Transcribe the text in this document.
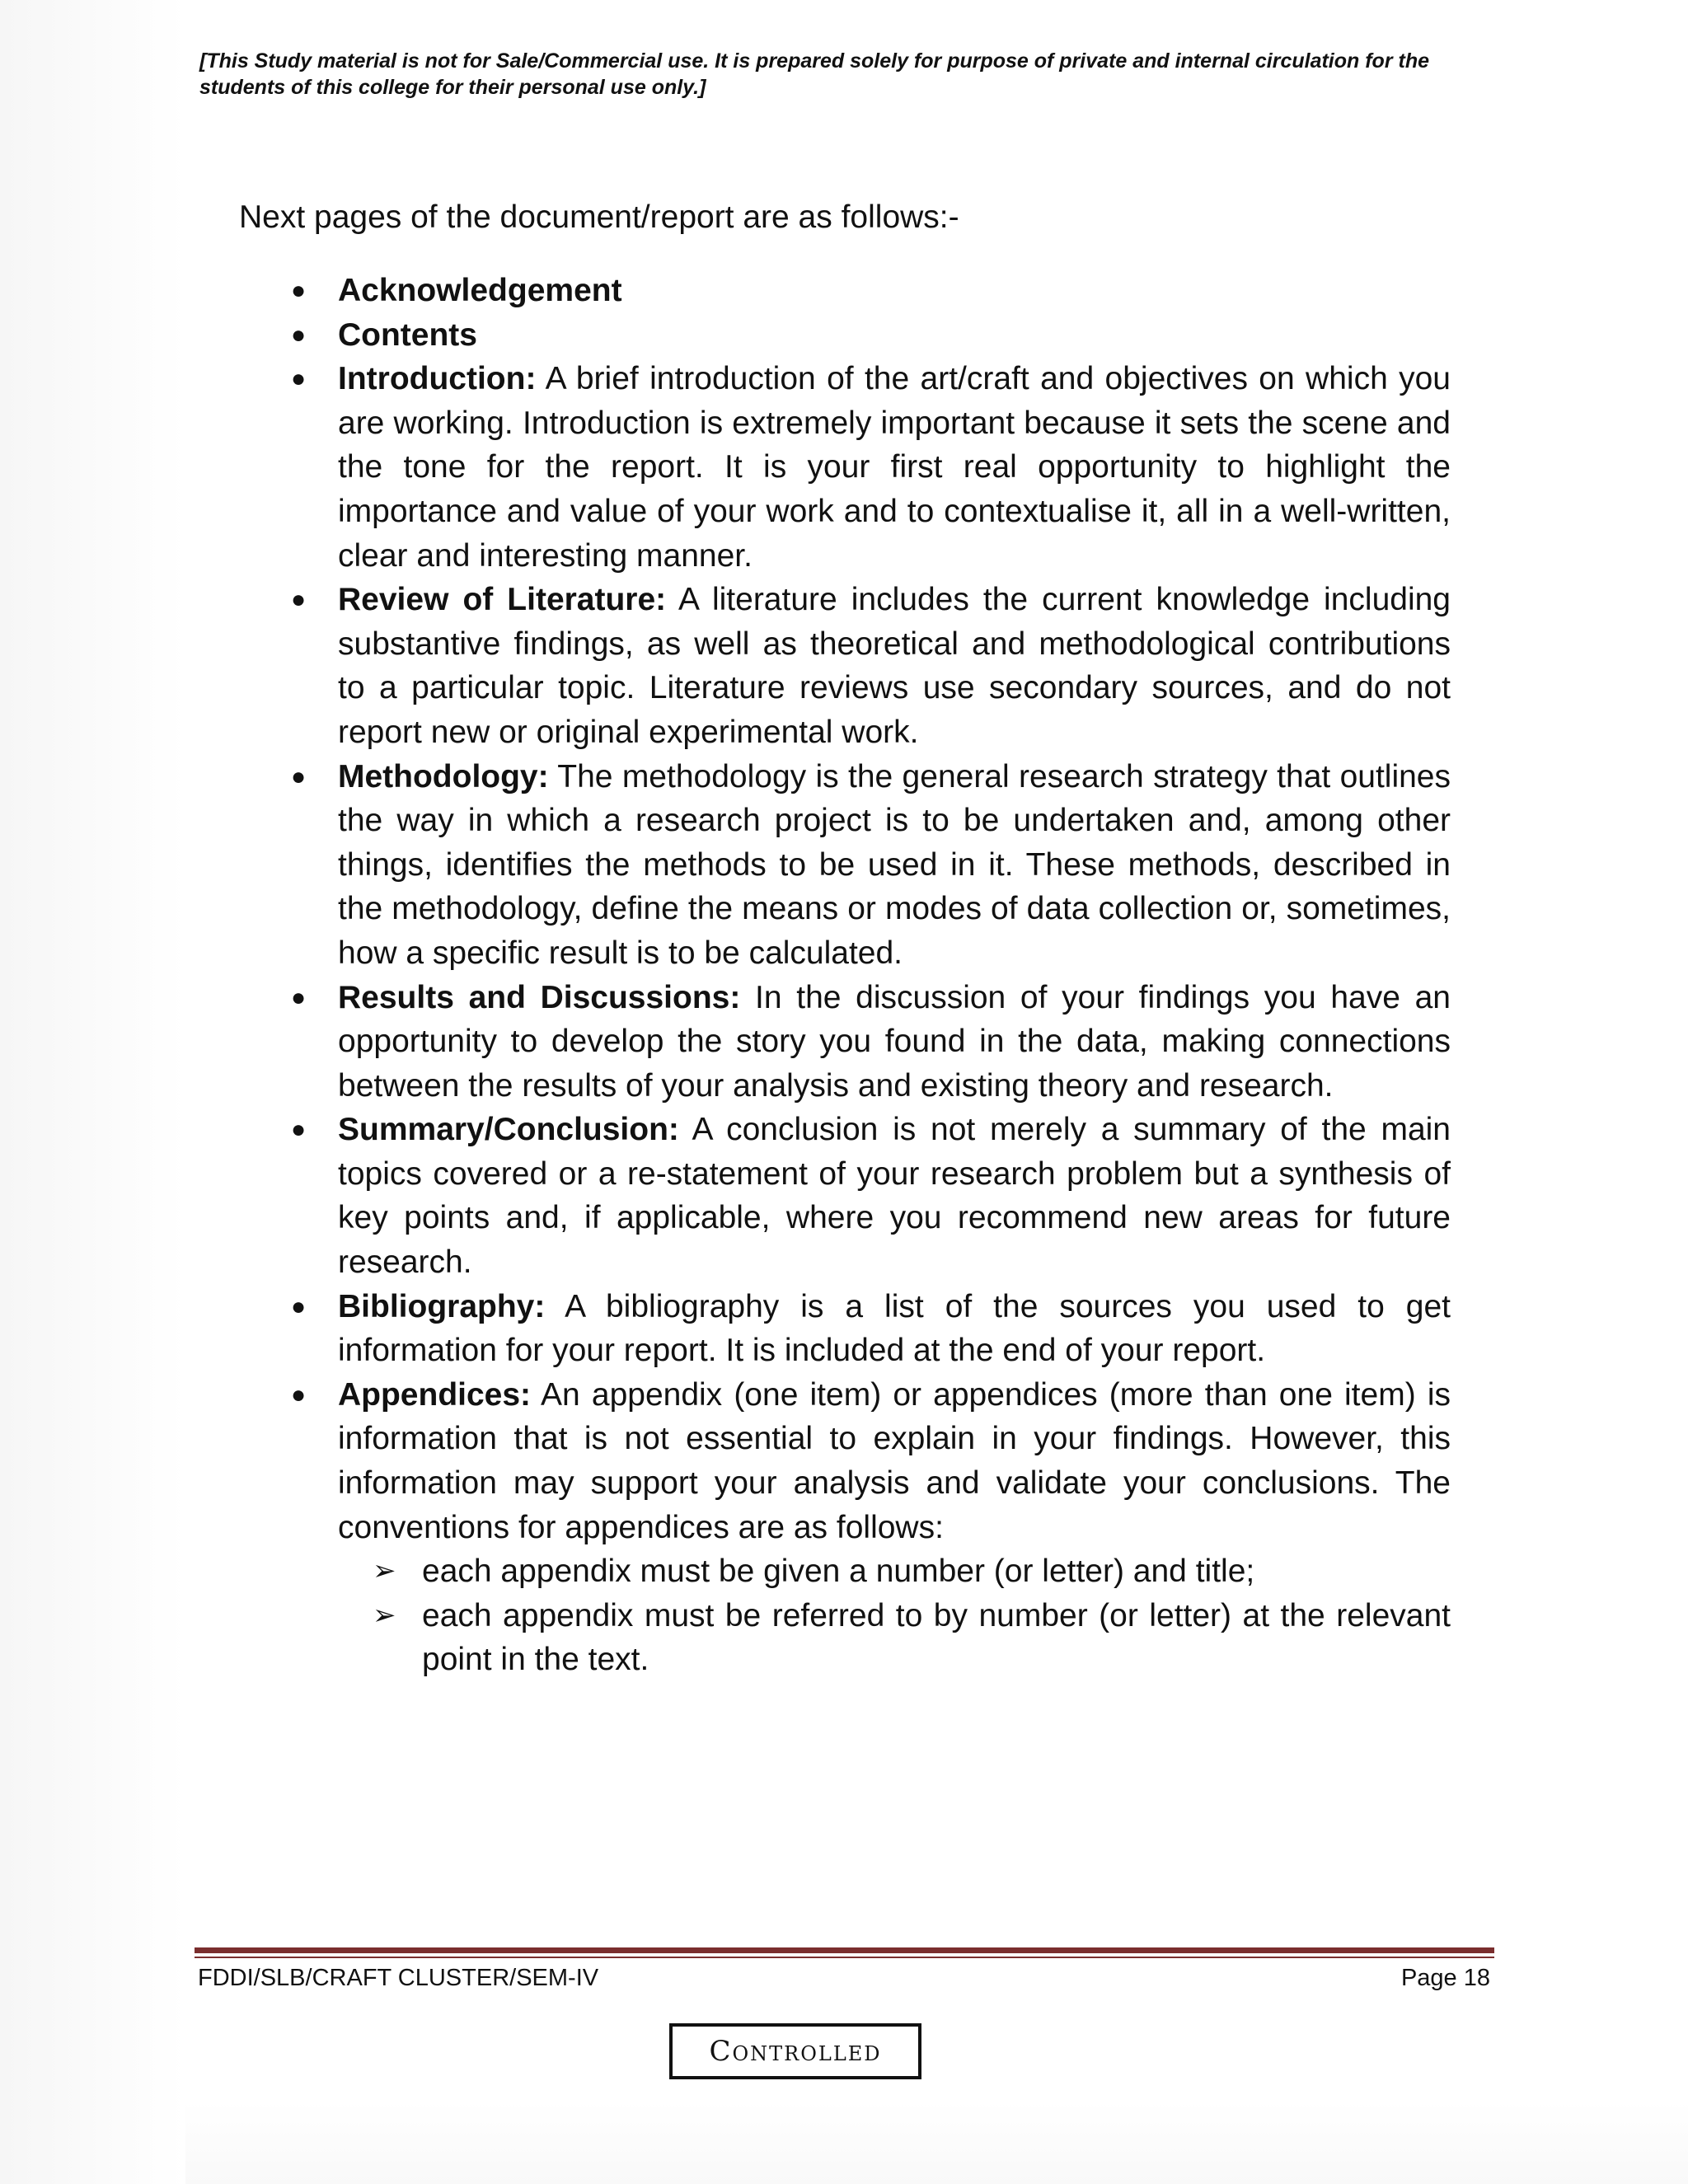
[This Study material is not for Sale/Commercial use. It is prepared solely for purpose of private and internal circulation for the students of this college for their personal use only.]
Next pages of the document/report are as follows:-
● Acknowledgement
● Contents
● Introduction: A brief introduction of the art/craft and objectives on which you are working. Introduction is extremely important because it sets the scene and the tone for the report. It is your first real opportunity to highlight the importance and value of your work and to contextualise it, all in a well-written, clear and interesting manner.
● Review of Literature: A literature includes the current knowledge including substantive findings, as well as theoretical and methodological contributions to a particular topic. Literature reviews use secondary sources, and do not report new or original experimental work.
● Methodology: The methodology is the general research strategy that outlines the way in which a research project is to be undertaken and, among other things, identifies the methods to be used in it. These methods, described in the methodology, define the means or modes of data collection or, sometimes, how a specific result is to be calculated.
● Results and Discussions: In the discussion of your findings you have an opportunity to develop the story you found in the data, making connections between the results of your analysis and existing theory and research.
● Summary/Conclusion: A conclusion is not merely a summary of the main topics covered or a re-statement of your research problem but a synthesis of key points and, if applicable, where you recommend new areas for future research.
● Bibliography: A bibliography is a list of the sources you used to get information for your report. It is included at the end of your report.
● Appendices: An appendix (one item) or appendices (more than one item) is information that is not essential to explain in your findings. However, this information may support your analysis and validate your conclusions. The conventions for appendices are as follows:
➢ each appendix must be given a number (or letter) and title;
➢ each appendix must be referred to by number (or letter) at the relevant point in the text.
FDDI/SLB/CRAFT CLUSTER/SEM-IV	Page 18
Controlled
